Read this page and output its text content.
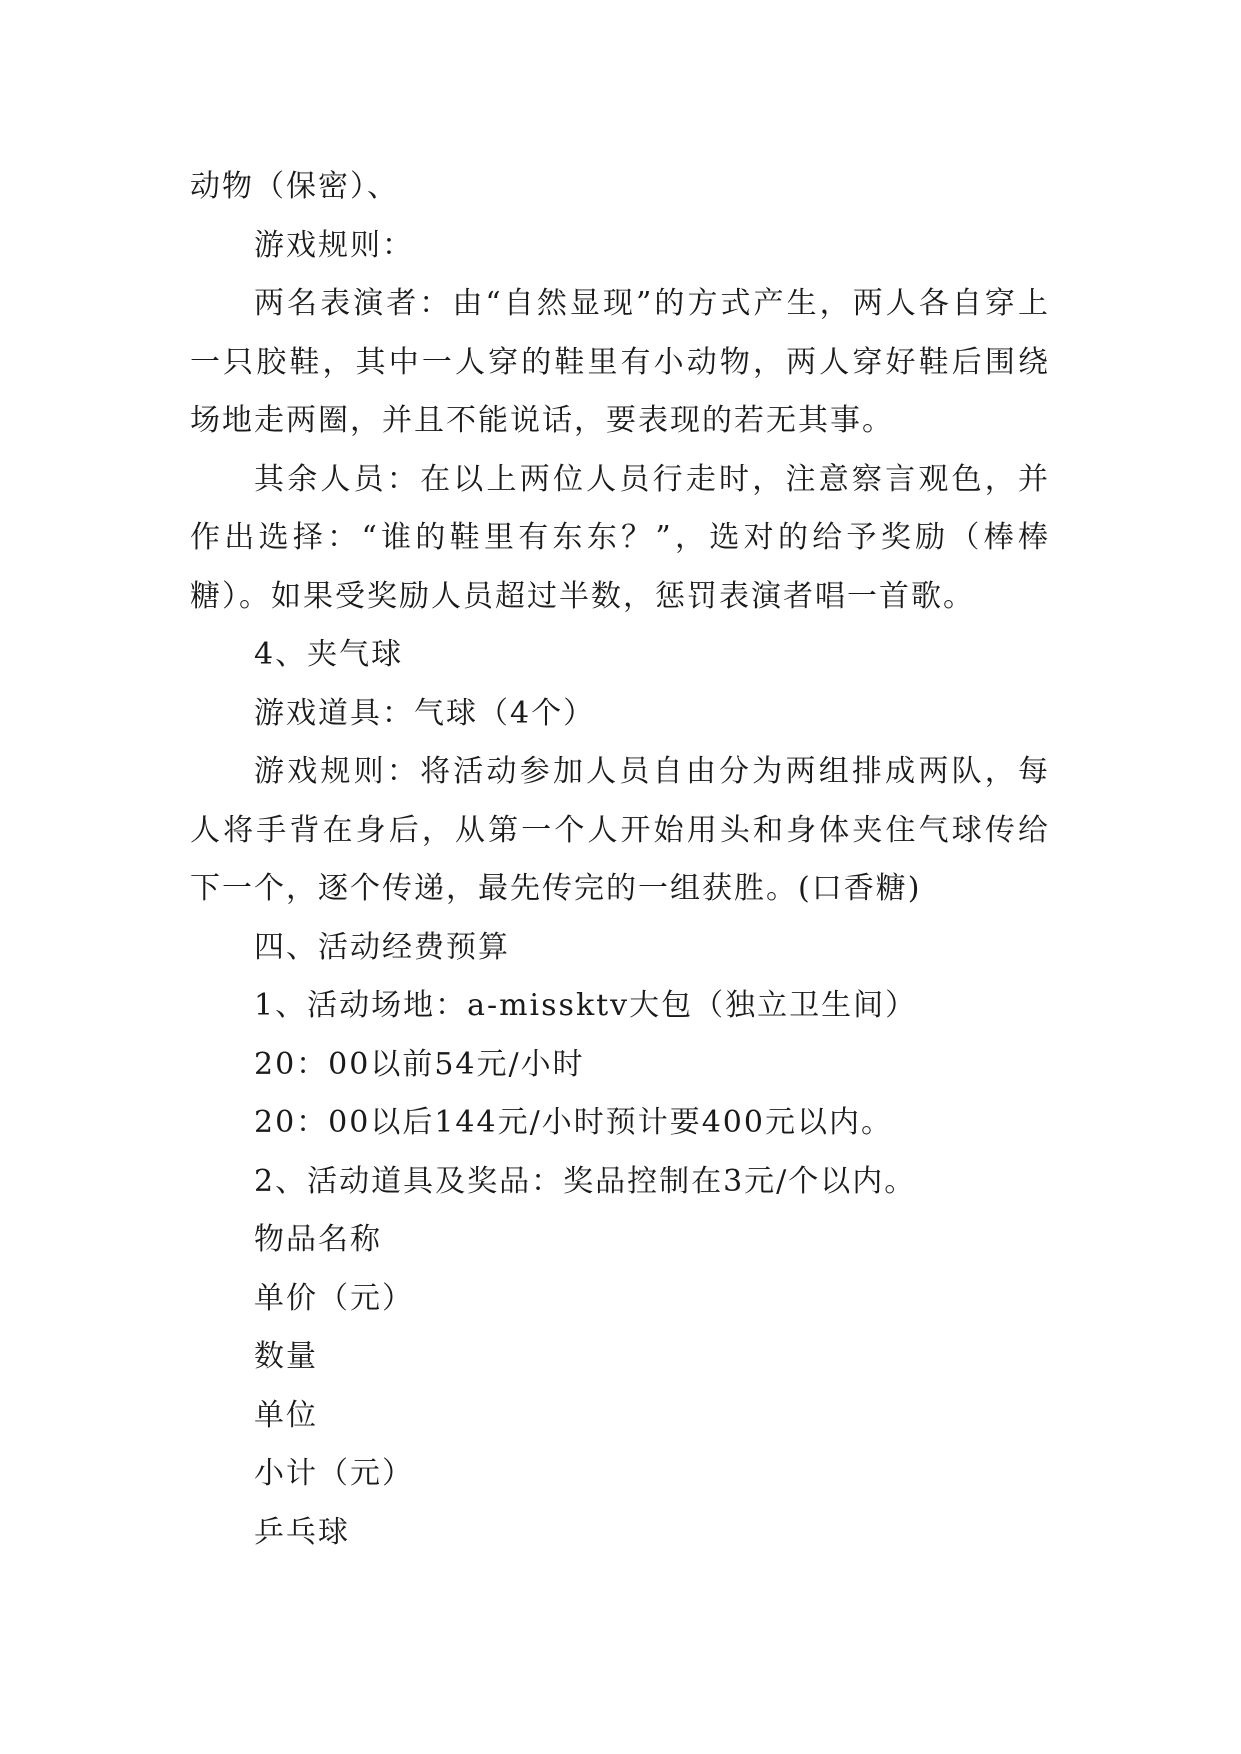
动物（保密）、

游戏规则：

两名表演者：由“自然显现”的方式产生，两人各自穿上一只胶鞋，其中一人穿的鞋里有小动物，两人穿好鞋后围绕场地走两圈，并且不能说话，要表现的若无其事。

其余人员：在以上两位人员行走时，注意察言观色，并作出选择：“谁的鞋里有东东？”，选对的给予奖励（棒棒糖）。如果受奖励人员超过半数，惩罚表演者唱一首歌。

4、夹气球

游戏道具：气球（4个）

游戏规则：将活动参加人员自由分为两组排成两队，每人将手背在身后，从第一个人开始用头和身体夹住气球传给下一个，逐个传递，最先传完的一组获胜。(口香糖)

四、活动经费预算

1、活动场地：a-missktv大包（独立卫生间）

20：00以前54元/小时

20：00以后144元/小时预计要400元以内。

2、活动道具及奖品：奖品控制在3元/个以内。

物品名称

单价（元）

数量

单位

小计（元）

乒乓球
